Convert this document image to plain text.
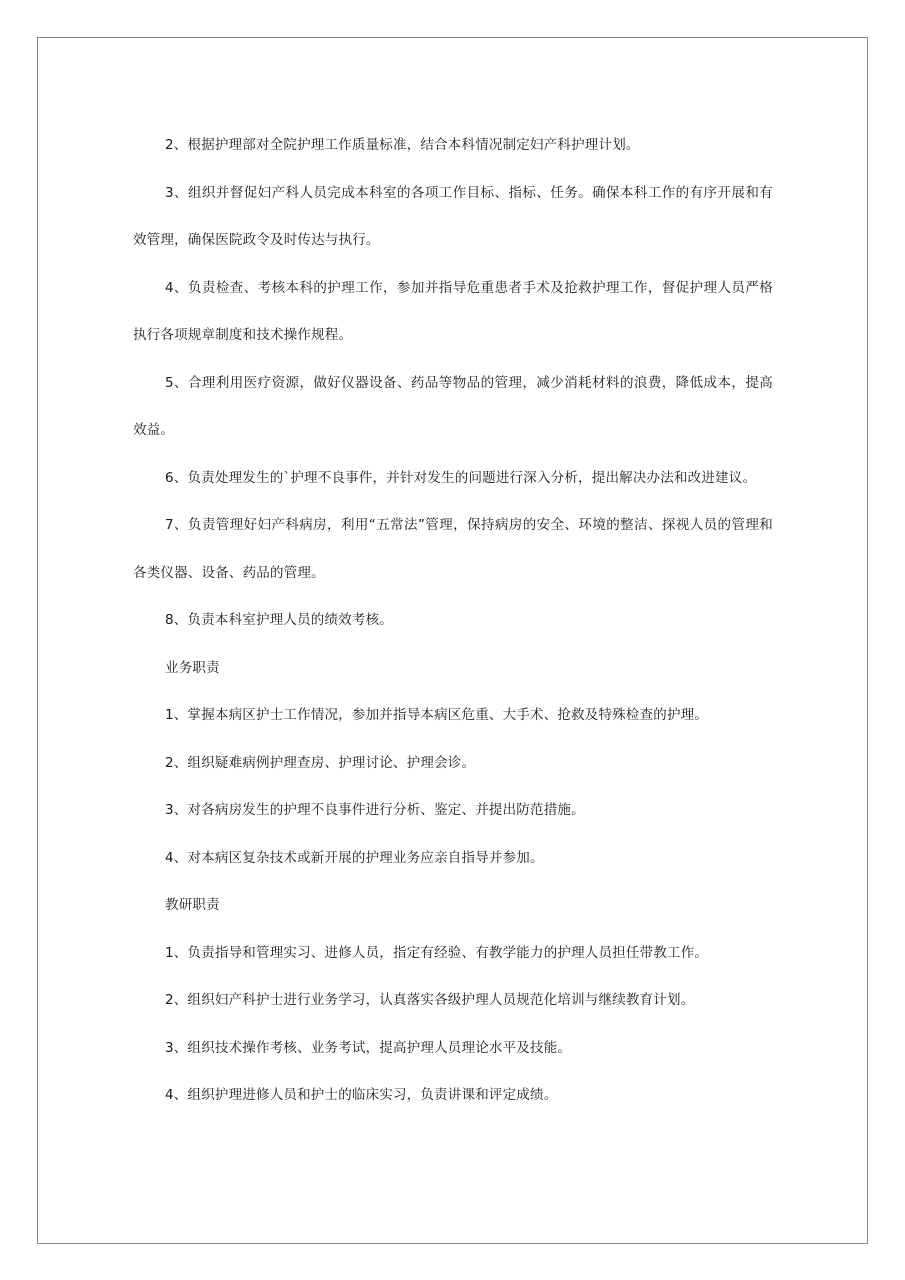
2、根据护理部对全院护理工作质量标准，结合本科情况制定妇产科护理计划。

3、组织并督促妇产科人员完成本科室的各项工作目标、指标、任务。确保本科工作的有序开展和有效管理，确保医院政令及时传达与执行。

4、负责检查、考核本科的护理工作，参加并指导危重患者手术及抢救护理工作，督促护理人员严格执行各项规章制度和技术操作规程。

5、合理利用医疗资源，做好仪器设备、药品等物品的管理，减少消耗材料的浪费，降低成本，提高效益。

6、负责处理发生的`护理不良事件，并针对发生的问题进行深入分析，提出解决办法和改进建议。

7、负责管理好妇产科病房，利用“五常法”管理，保持病房的安全、环境的整洁、探视人员的管理和各类仪器、设备、药品的管理。

8、负责本科室护理人员的绩效考核。

业务职责

1、掌握本病区护士工作情况，参加并指导本病区危重、大手术、抢救及特殊检查的护理。

2、组织疑难病例护理查房、护理讨论、护理会诊。

3、对各病房发生的护理不良事件进行分析、鉴定、并提出防范措施。

4、对本病区复杂技术或新开展的护理业务应亲自指导并参加。

教研职责

1、负责指导和管理实习、进修人员，指定有经验、有教学能力的护理人员担任带教工作。

2、组织妇产科护士进行业务学习，认真落实各级护理人员规范化培训与继续教育计划。

3、组织技术操作考核、业务考试，提高护理人员理论水平及技能。

4、组织护理进修人员和护士的临床实习，负责讲课和评定成绩。
